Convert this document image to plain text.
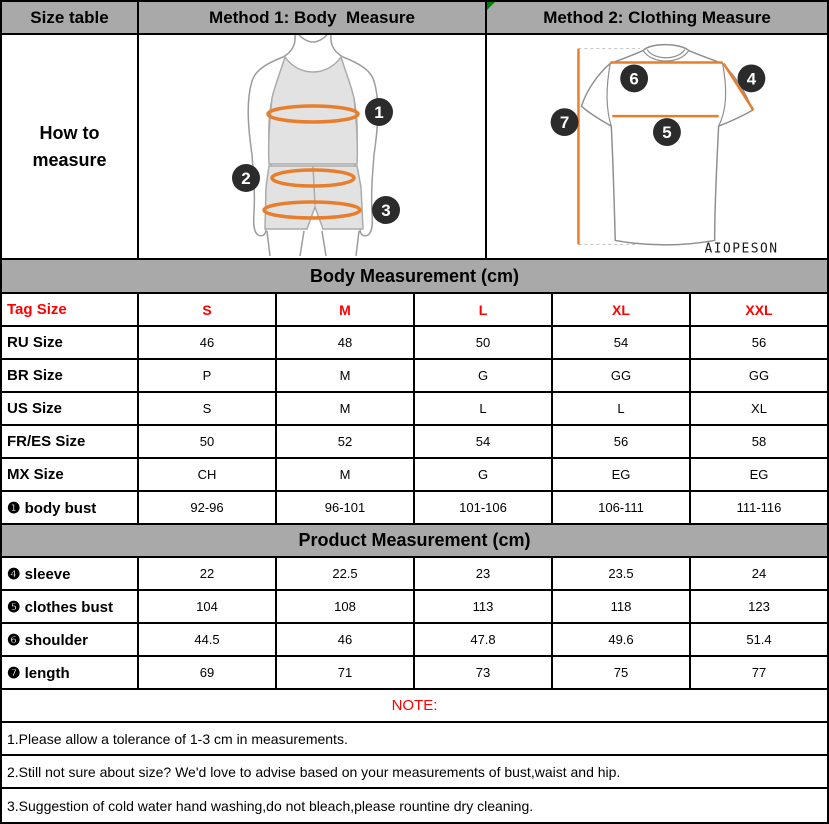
Size table	Method 1: Body  Measure	Method 2: Clothing Measure
How to measure
1
2
3
6	4
5
7
AIOPESON
Body Measurement (cm)
Tag Size	S	M	L	XL	XXL
RU Size	46	48	50	54	56
BR Size	P	M	G	GG	GG
US Size	S	M	L	L	XL
FR/ES Size	50	52	54	56	58
MX Size	CH	M	G	EG	EG
❶ body bust	92-96	96-101	101-106	106-111	111-116
Product Measurement (cm)
❹ sleeve	22	22.5	23	23.5	24
❺ clothes bust	104	108	113	118	123
❻ shoulder	44.5	46	47.8	49.6	51.4
❼ length	69	71	73	75	77
NOTE:
1.Please allow a tolerance of 1-3 cm in measurements.
2.Still not sure about size? We'd love to advise based on your measurements of bust,waist and hip.
3.Suggestion of cold water hand washing,do not bleach,please rountine dry cleaning.
